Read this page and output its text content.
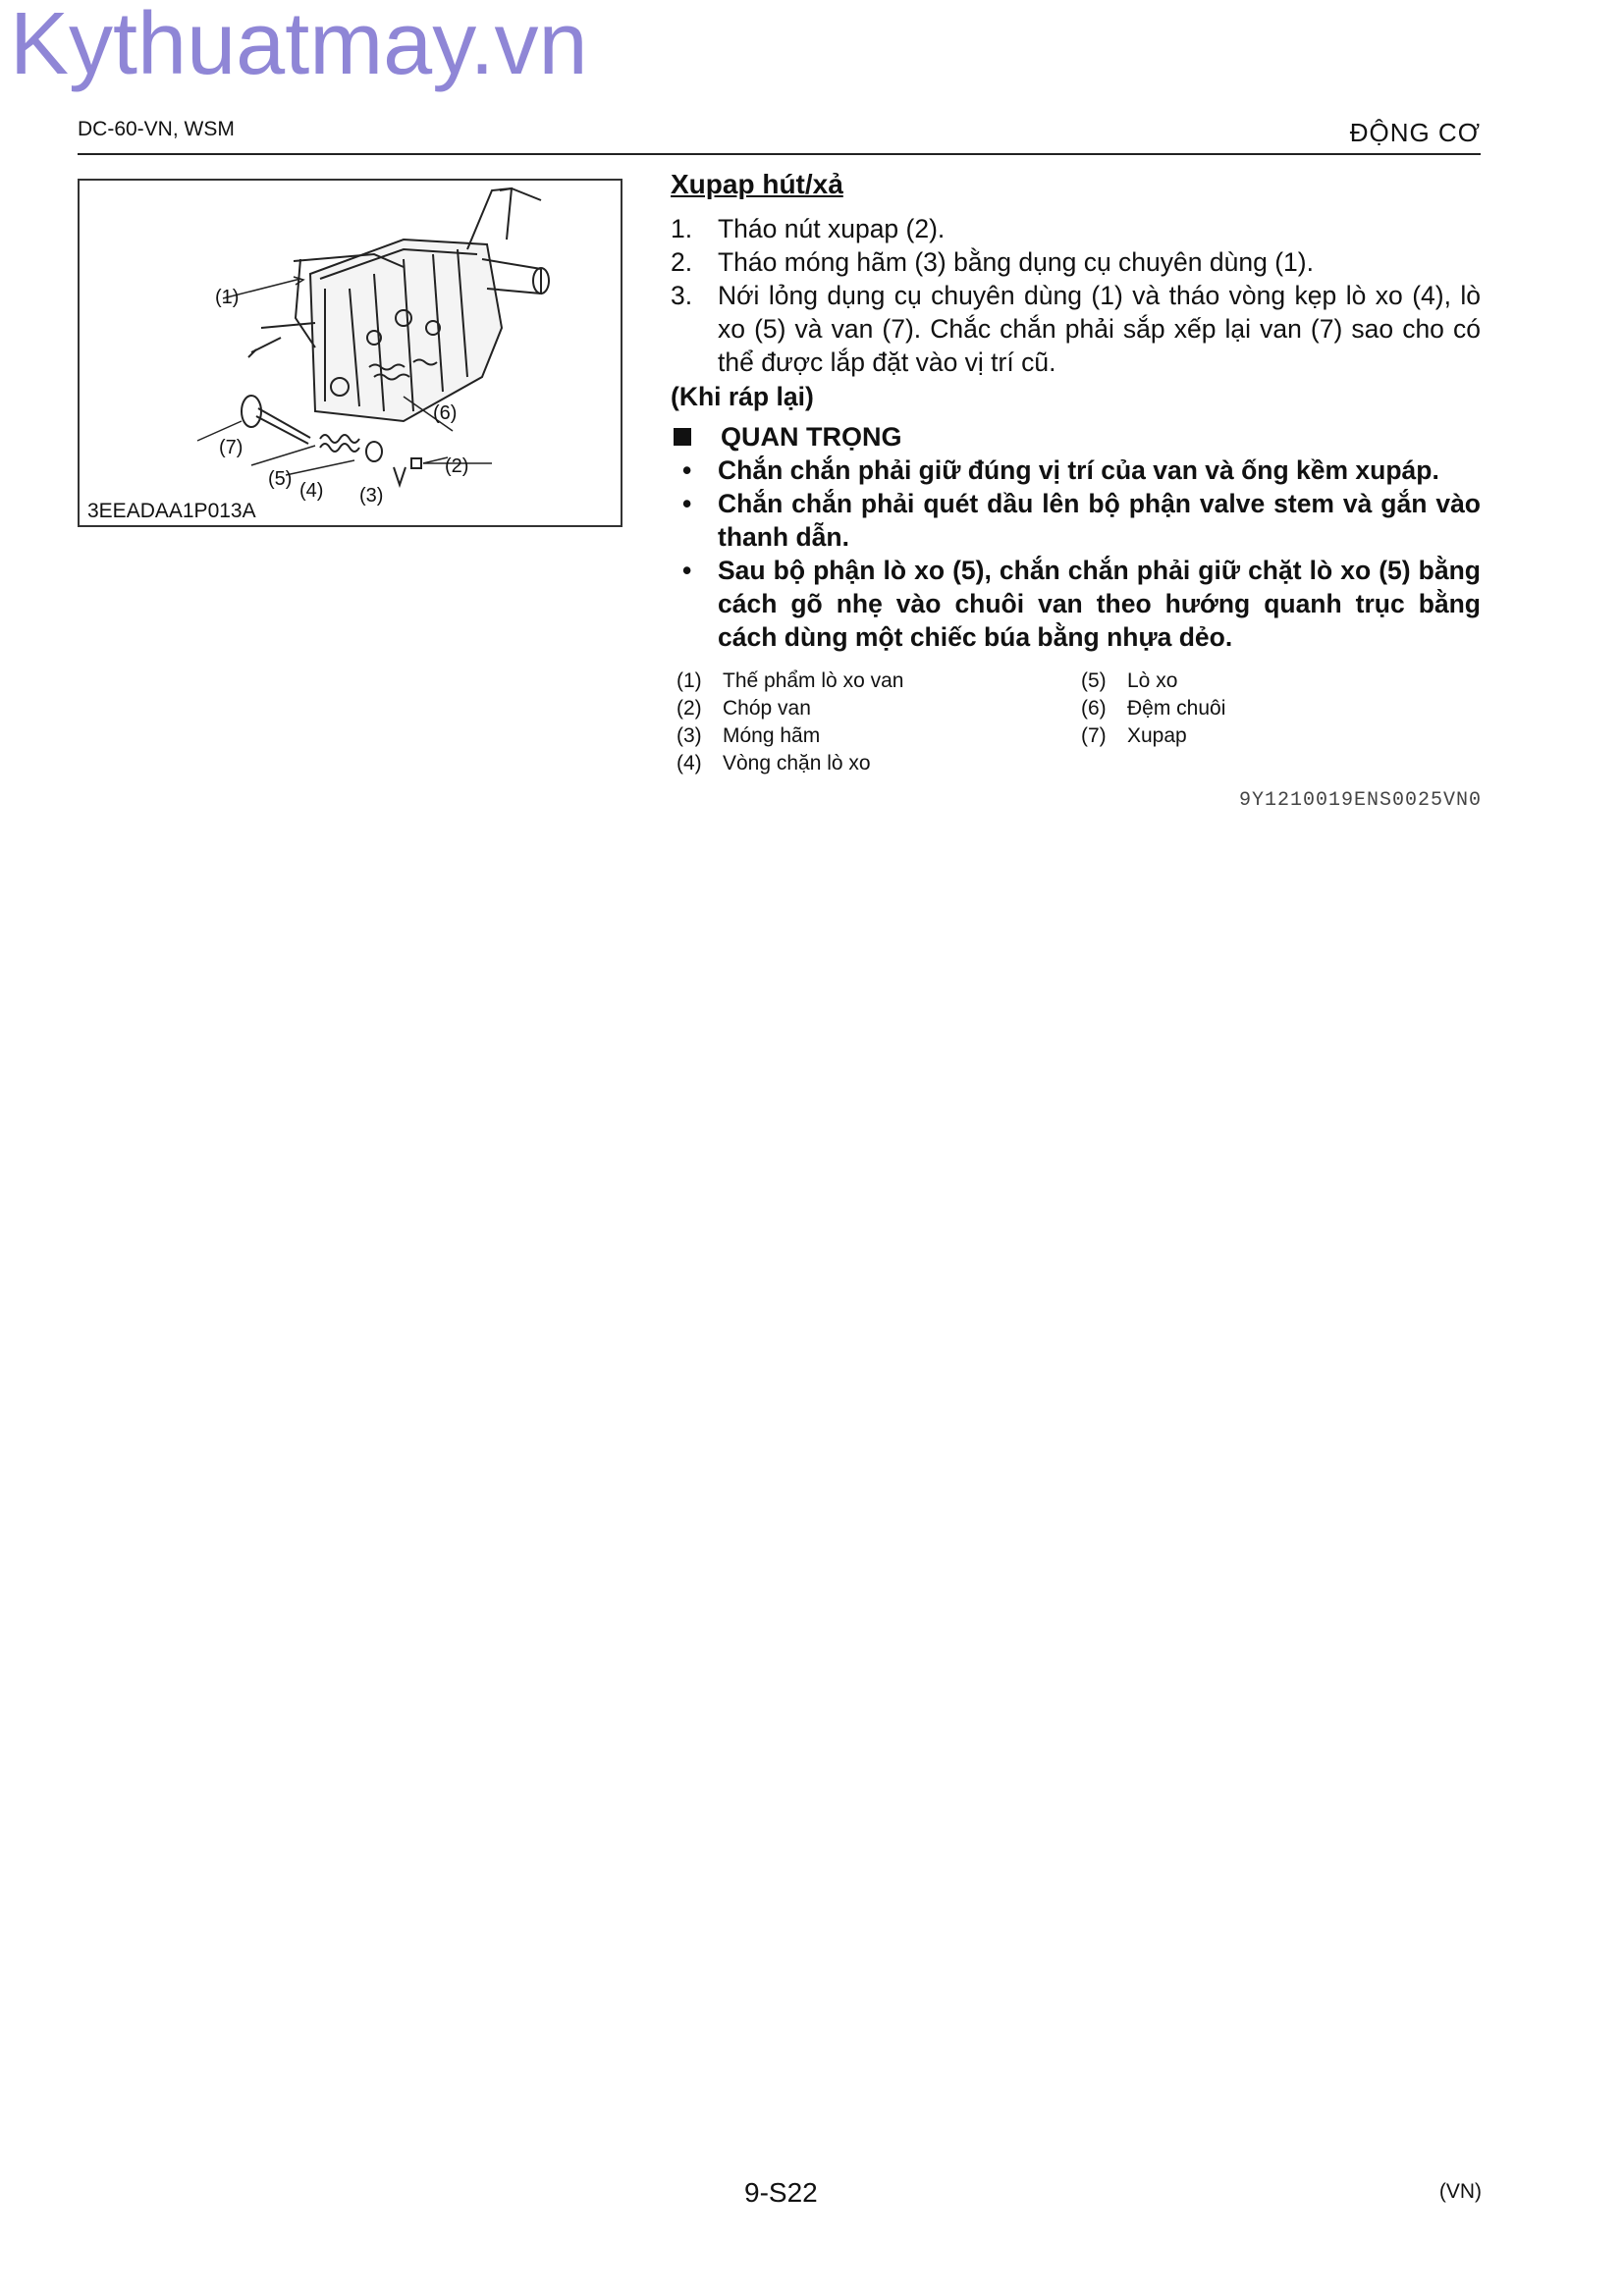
Kythuatmay.vn
DC-60-VN, WSM	ĐỘNG CƠ
(1)
(2)
(3)
(4)
(5)
(6)
(7)
3EEADAA1P013A
Xupap hút/xả
1. Tháo nút xupap (2).
2. Tháo móng hãm (3) bằng dụng cụ chuyên dùng (1).
3. Nới lỏng dụng cụ chuyên dùng (1) và tháo vòng kẹp lò xo (4), lò xo (5) và van (7). Chắc chắn phải sắp xếp lại van (7) sao cho có thể được lắp đặt vào vị trí cũ.
(Khi ráp lại)
QUAN TRỌNG
•	Chắn chắn phải giữ đúng vị trí của van và ống kềm xupáp.
•	Chắn chắn phải quét dầu lên bộ phận valve stem và gắn vào thanh dẫn.
•	Sau bộ phận lò xo (5), chắn chắn phải giữ chặt lò xo (5) bằng cách gõ nhẹ vào chuôi van theo hướng quanh trục bằng cách dùng một chiếc búa bằng nhựa dẻo.
(1)	Thế phẩm lò xo van
(2)	Chóp van
(3)	Móng hãm
(4)	Vòng chặn lò xo
(5)	Lò xo
(6)	Đệm chuôi
(7)	Xupap
9Y1210019ENS0025VN0
9-S22	(VN)
